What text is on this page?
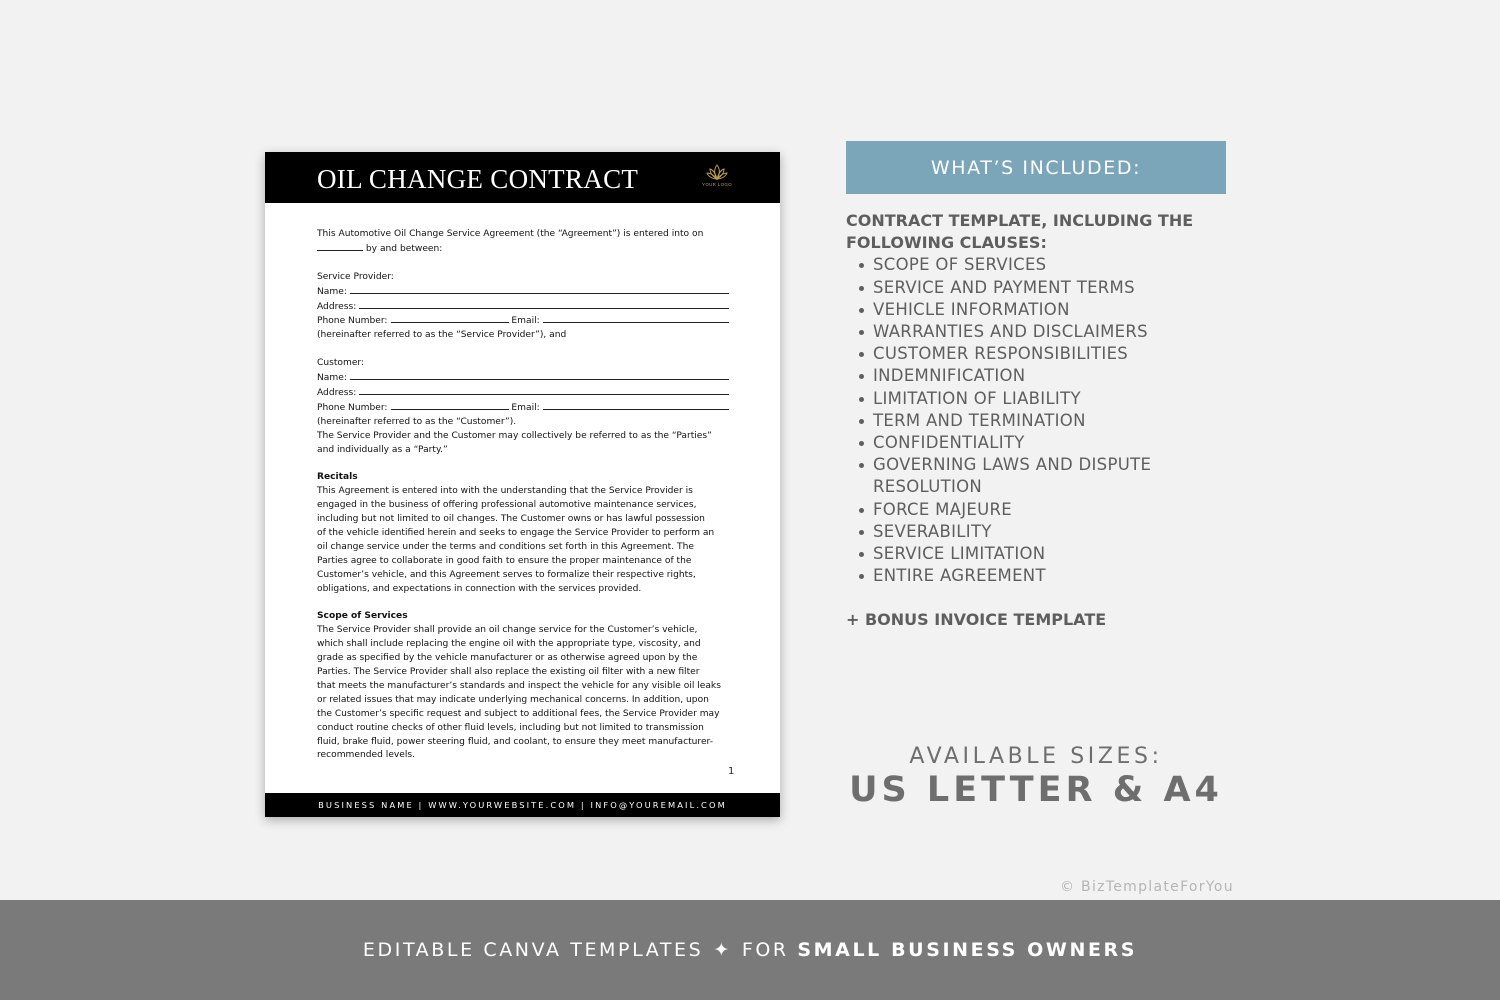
OIL CHANGE CONTRACT	YOUR LOGO

This Automotive Oil Change Service Agreement (the “Agreement”) is entered into on

by and between:

Service Provider:

Name:
Address:
Phone Number:
	Email:

(hereinafter referred to as the “Service Provider”), and

Customer:

Name:
Address:
Phone Number:
	Email:

(hereinafter referred to as the “Customer”).

The Service Provider and the Customer may collectively be referred to as the “Parties”

and individually as a “Party.”

Recitals

This Agreement is entered into with the understanding that the Service Provider is

engaged in the business of offering professional automotive maintenance services,

including but not limited to oil changes. The Customer owns or has lawful possession

of the vehicle identified herein and seeks to engage the Service Provider to perform an

oil change service under the terms and conditions set forth in this Agreement. The

Parties agree to collaborate in good faith to ensure the proper maintenance of the

Customer’s vehicle, and this Agreement serves to formalize their respective rights,

obligations, and expectations in connection with the services provided.

Scope of Services

The Service Provider shall provide an oil change service for the Customer’s vehicle,

which shall include replacing the engine oil with the appropriate type, viscosity, and

grade as specified by the vehicle manufacturer or as otherwise agreed upon by the

Parties. The Service Provider shall also replace the existing oil filter with a new filter

that meets the manufacturer’s standards and inspect the vehicle for any visible oil leaks

or related issues that may indicate underlying mechanical concerns. In addition, upon

the Customer’s specific request and subject to additional fees, the Service Provider may

conduct routine checks of other fluid levels, including but not limited to transmission

fluid, brake fluid, power steering fluid, and coolant, to ensure they meet manufacturer-

recommended levels.

1
BUSINESS NAME | WWW.YOURWEBSITE.COM | INFO@YOUREMAIL.COM
WHAT’S INCLUDED:

CONTRACT TEMPLATE, INCLUDING THE

FOLLOWING CLAUSES:

SCOPE OF SERVICES
SERVICE AND PAYMENT TERMS
VEHICLE INFORMATION
WARRANTIES AND DISCLAIMERS
CUSTOMER RESPONSIBILITIES
INDEMNIFICATION
LIMITATION OF LIABILITY
TERM AND TERMINATION
CONFIDENTIALITY
GOVERNING LAWS AND DISPUTE RESOLUTION
FORCE MAJEURE
SEVERABILITY
SERVICE LIMITATION
ENTIRE AGREEMENT

+ BONUS INVOICE TEMPLATE

AVAILABLE SIZES:
US LETTER & A4
© BizTemplateForYou
EDITABLE CANVA TEMPLATES ✦ FOR
SMALL BUSINESS OWNERS
